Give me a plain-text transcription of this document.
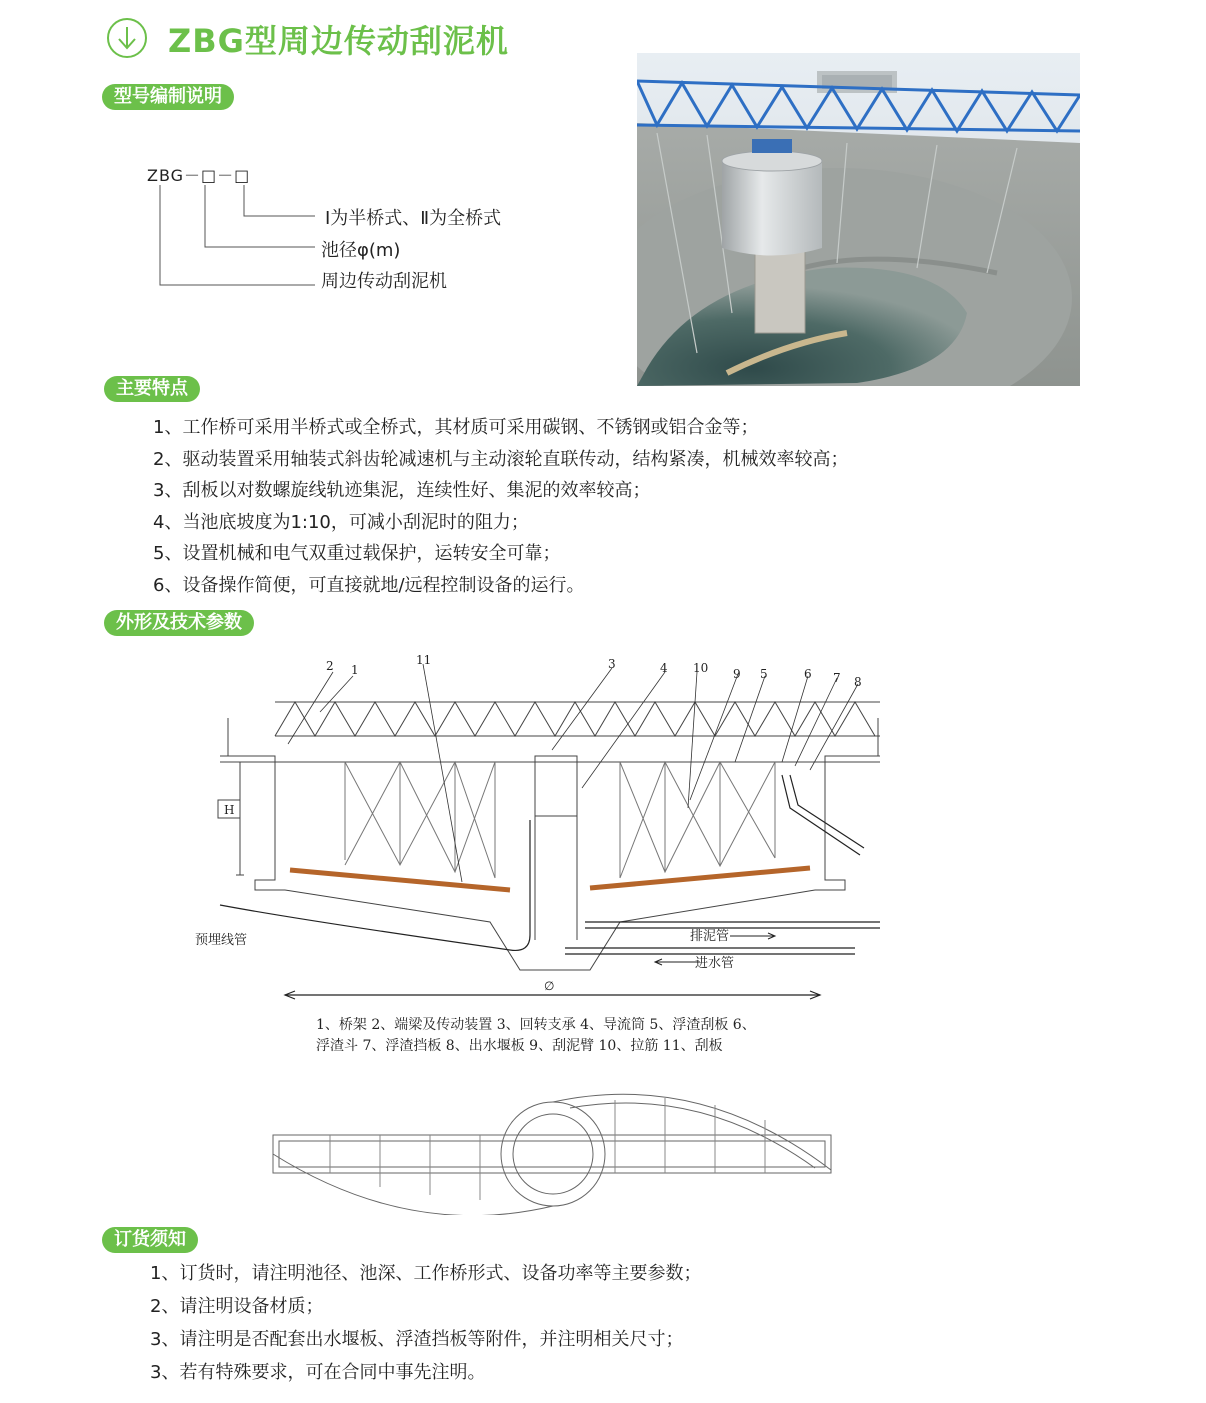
ZBG型周边传动刮泥机
型号编制说明
ZBG－□－□
Ⅰ为半桥式、Ⅱ为全桥式
池径φ(m)
周边传动刮泥机
主要特点
1、工作桥可采用半桥式或全桥式，其材质可采用碳钢、不锈钢或铝合金等；
2、驱动装置采用轴装式斜齿轮减速机与主动滚轮直联传动，结构紧凑，机械效率较高；
3、刮板以对数螺旋线轨迹集泥，连续性好、集泥的效率较高；
4、当池底坡度为1:10，可减小刮泥时的阻力；
5、设置机械和电气双重过载保护，运转安全可靠；
6、设备操作简便，可直接就地/远程控制设备的运行。
外形及技术参数
2 1
11	3	4 10 9 5	6 7 8
H
∅
预埋线管	排泥管
进水管
1、桥架 2、端梁及传动装置 3、回转支承 4、导流筒 5、浮渣刮板 6、
浮渣斗 7、浮渣挡板 8、出水堰板 9、刮泥臂 10、拉筋 11、刮板
订货须知
1、订货时，请注明池径、池深、工作桥形式、设备功率等主要参数；
2、请注明设备材质；
3、请注明是否配套出水堰板、浮渣挡板等附件，并注明相关尺寸；
3、若有特殊要求，可在合同中事先注明。
